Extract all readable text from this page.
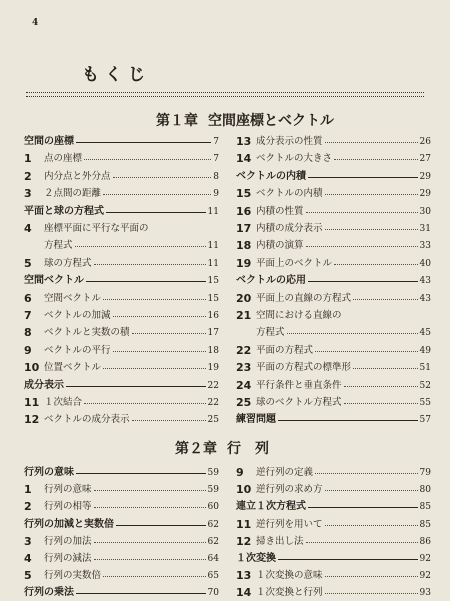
4
もくじ
第１章 空間座標とベクトル
空間の座標	7
1 点の座標	7
2 内分点と外分点	8
3 ２点間の距離	9
平面と球の方程式	11
4 座標平面に平行な平面の
方程式	11
5 球の方程式	11
空間ベクトル	15
6 空間ベクトル	15
7 ベクトルの加減	16
8 ベクトルと実数の積	17
9 ベクトルの平行	18
10 位置ベクトル	19
成分表示	22
11 １次結合	22
12 ベクトルの成分表示	25
13 成分表示の性質	26
14 ベクトルの大きさ	27
ベクトルの内積	29
15 ベクトルの内積	29
16 内積の性質	30
17 内積の成分表示	31
18 内積の演算	33
19 平面上のベクトル	40
ベクトルの応用	43
20 平面上の直線の方程式	43
21 空間における直線の
方程式	45
22 平面の方程式	49
23 平面の方程式の標準形	51
24 平行条件と垂直条件	52
25 球のベクトル方程式	55
練習問題	57
第２章 行　列
行列の意味	59
1 行列の意味	59
2 行列の相等	60
行列の加減と実数倍	62
3 行列の加法	62
4 行列の減法	64
5 行列の実数倍	65
行列の乗法	70
9 逆行列の定義	79
10 逆行列の求め方	80
連立１次方程式	85
11 逆行列を用いて	85
12 掃き出し法	86
１次変換	92
13 １次変換の意味	92
14 １次変換と行列	93
